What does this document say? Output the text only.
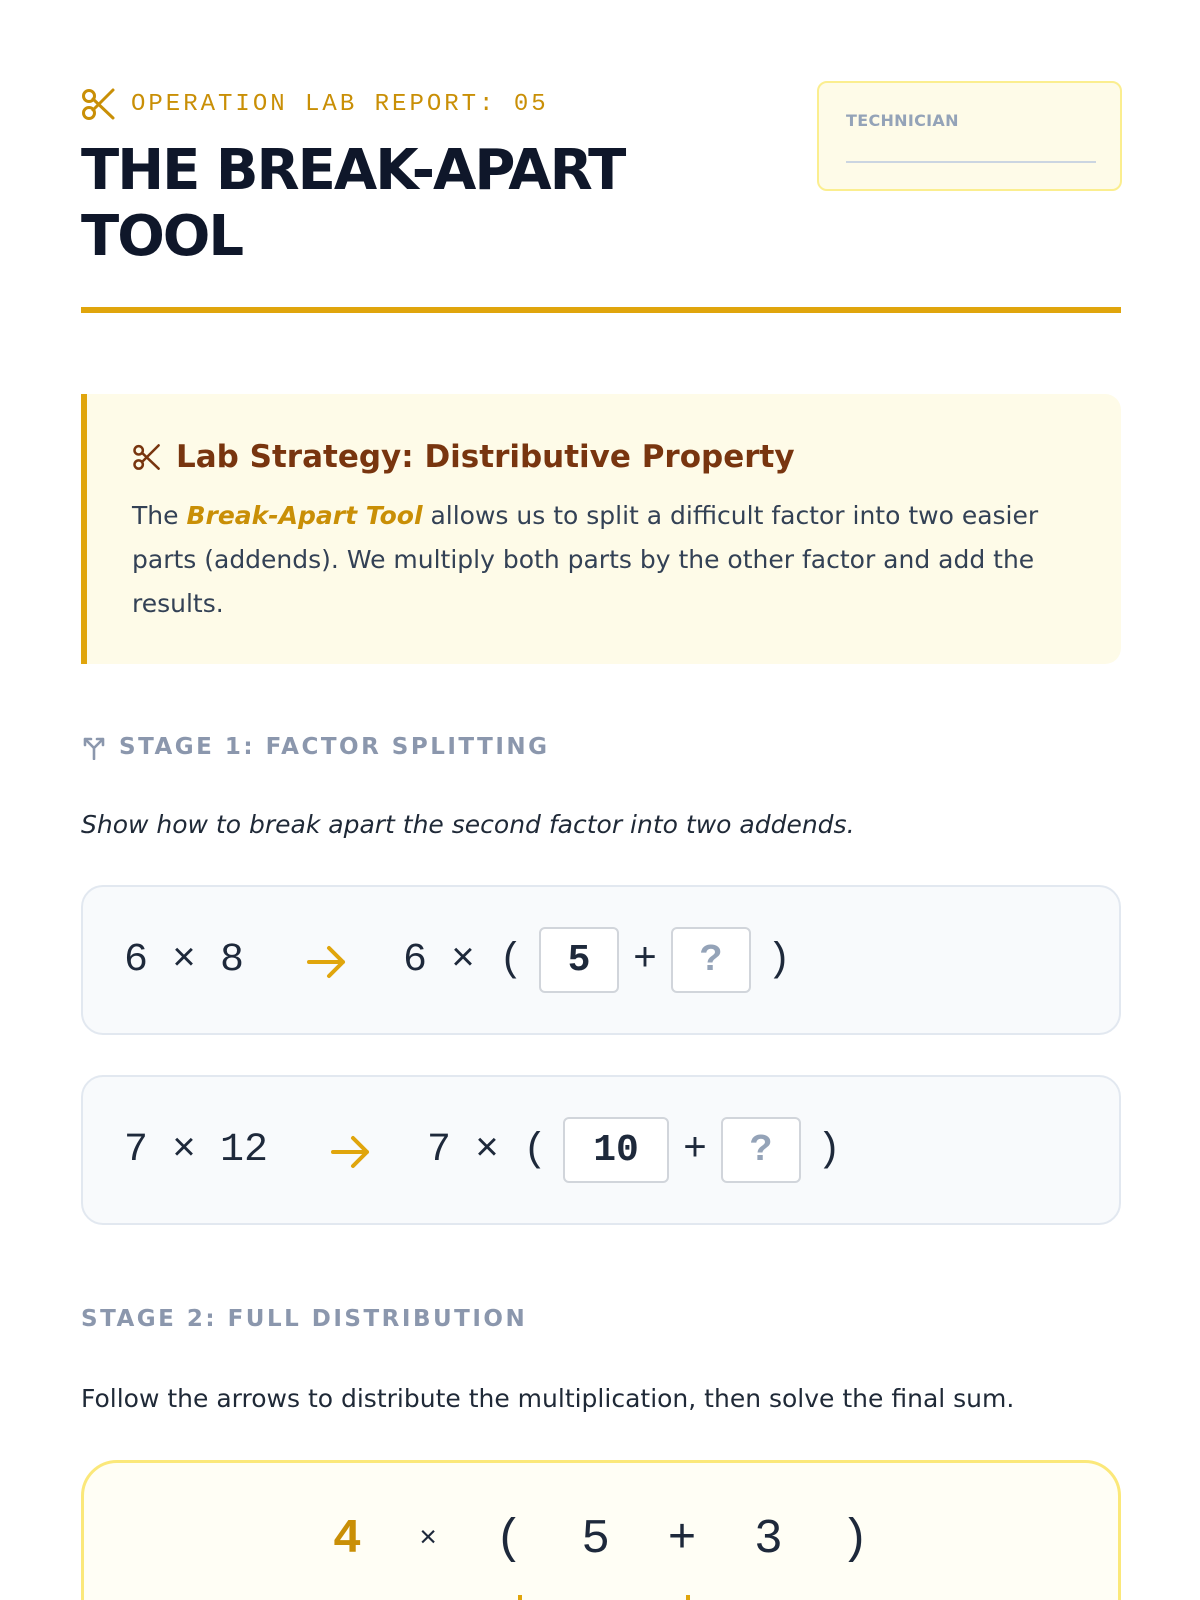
OPERATION LAB REPORT: 05
THE BREAK-APART TOOL
TECHNICIAN
Lab Strategy: Distributive Property

The Break-Apart Tool allows us to split a difficult factor into two easier parts (addends). We multiply both parts by the other factor and add the results.

STAGE 1: FACTOR SPLITTING
Show how to break apart the second factor into two addends.
6 × 8	6 × (	5	+	?	)
7 × 12	7 × (	10	+	?	)
STAGE 2: FULL DISTRIBUTION
Follow the arrows to distribute the multiplication, then solve the final sum.
4 × ( 5 + 3 )
